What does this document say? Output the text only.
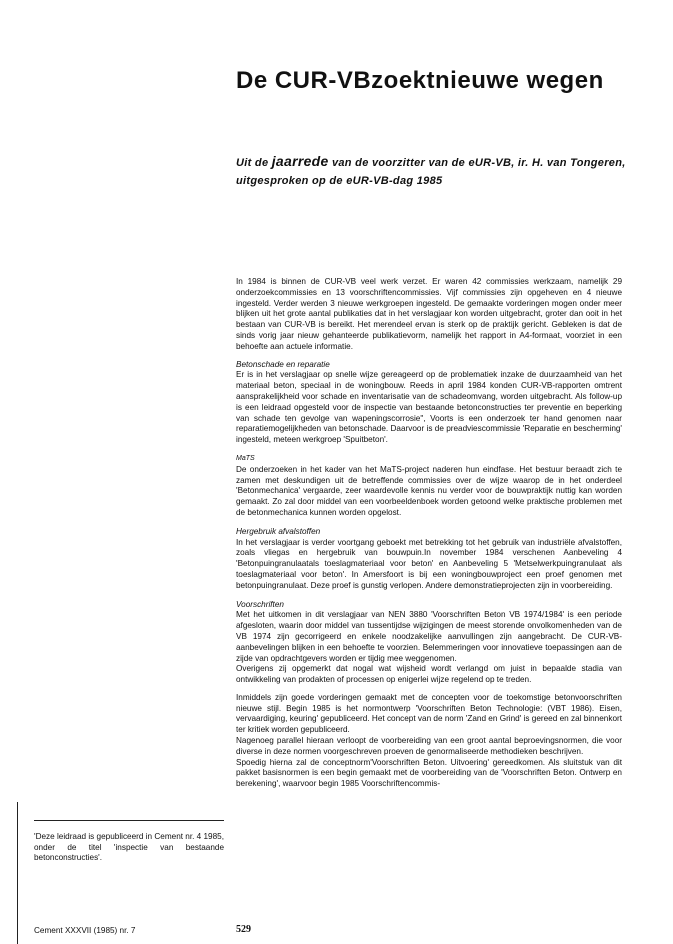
De CUR-VBzoektnieuwe wegen

Uit de jaarrede van de voorzitter van de eUR-VB, ir. H. van Tongeren, uitgesproken op de eUR-VB-dag 1985

In 1984 is binnen de CUR-VB veel werk verzet. Er waren 42 commissies werkzaam, namelijk 29 onderzoekcommissies en 13 voorschriftencommissies. Vijf commissies zijn opgeheven en 4 nieuwe ingesteld. Verder werden 3 nieuwe werkgroepen ingesteld. De gemaakte vorderingen mogen onder meer blijken uit het grote aantal publikaties dat in het verslagjaar kon worden uitgebracht, groter dan ooit in het bestaan van CUR-VB is bereikt. Het merendeel ervan is sterk op de praktijk gericht. Gebleken is dat de sinds vorig jaar nieuw gehanteerde publikatievorm, namelijk het rapport in A4-formaat, voorziet in een behoefte aan actuele informatie.

Betonschade en reparatie

Er is in het verslagjaar op snelle wijze gereageerd op de problematiek inzake de duurzaamheid van het materiaal beton, speciaal in de woningbouw. Reeds in april 1984 konden CUR-VB-rapporten omtrent aansprakelijkheid voor schade en inventarisatie van de schadeomvang, worden uitgebracht. Als follow-up is een leidraad opgesteld voor de inspectie van bestaande betonconstructies ter preventie en beperking van schade ten gevolge van wapeningscorrosie", Voorts is een onderzoek ter hand genomen naar reparatiemogelijkheden van betonschade. Daarvoor is de preadviescommissie 'Reparatie en bescherming' ingesteld, meteen werkgroep 'Spuitbeton'.

MaTS

De onderzoeken in het kader van het MaTS-project naderen hun eindfase. Het bestuur beraadt zich te zamen met deskundigen uit de betreffende commissies over de wijze waarop de in het onderdeel 'Betonmechanica' vergaarde, zeer waardevolle kennis nu verder voor de bouwpraktijk nuttig kan worden gemaakt. Zo zal door middel van een voorbeeldenboek worden getoond welke praktische problemen met de betonmechanica kunnen worden opgelost.

Hergebruik afvalstoffen

In het verslagjaar is verder voortgang geboekt met betrekking tot het gebruik van industriële afvalstoffen, zoals vliegas en hergebruik van bouwpuin.In november 1984 verschenen Aanbeveling 4 'Betonpuingranulaatals toeslagmateriaal voor beton' en Aanbeveling 5 'Metselwerkpuingranulaat als toeslagmateriaal voor beton'. In Amersfoort is bij een woningbouwproject een proef genomen met betonpuingranulaat. Deze proef is gunstig verlopen. Andere demonstratieprojecten zijn in voorbereiding.

Voorschriften

Met het uitkomen in dit verslagjaar van NEN 3880 'Voorschriften Beton VB 1974/1984' is een periode afgesloten, waarin door middel van tussentijdse wijzigingen de meest storende onvolkomenheden van de VB 1974 zijn gecorrigeerd en enkele noodzakelijke aanvullingen zijn aangebracht. De CUR-VB-aanbevelingen blijken in een behoefte te voorzien. Belemmeringen voor innovatieve toepassingen aan de zijde van opdrachtgevers worden er tijdig mee weggenomen.

Overigens zij opgemerkt dat nogal wat wijsheid wordt verlangd om juist in bepaalde stadia van ontwikkeling van prodakten of processen op enigerlei wijze regelend op te treden.

Inmiddels zijn goede vorderingen gemaakt met de concepten voor de toekomstige betonvoorschriften nieuwe stijl. Begin 1985 is het normontwerp 'Voorschriften Beton Technologie: (VBT 1986). Eisen, vervaardiging, keuring' gepubliceerd. Het concept van de norm 'Zand en Grind' is gereed en zal binnenkort ter kritiek worden gepubliceerd.

Nagenoeg parallel hieraan verloopt de voorbereiding van een groot aantal beproevingsnormen, die voor diverse in deze normen voorgeschreven proeven de genormaliseerde methodieken beschrijven.

Spoedig hierna zal de conceptnorm'Voorschriften Beton. Uitvoering' gereedkomen. Als sluitstuk van dit pakket basisnormen is een begin gemaakt met de voorbereiding van de 'Voorschriften Beton. Ontwerp en berekening', waarvoor begin 1985 Voorschriftencommis-

'Deze leidraad is gepubliceerd in Cement nr. 4 1985, onder de titel 'inspectie van bestaande betonconstructies'.
Cement XXXVII (1985) nr. 7	529
